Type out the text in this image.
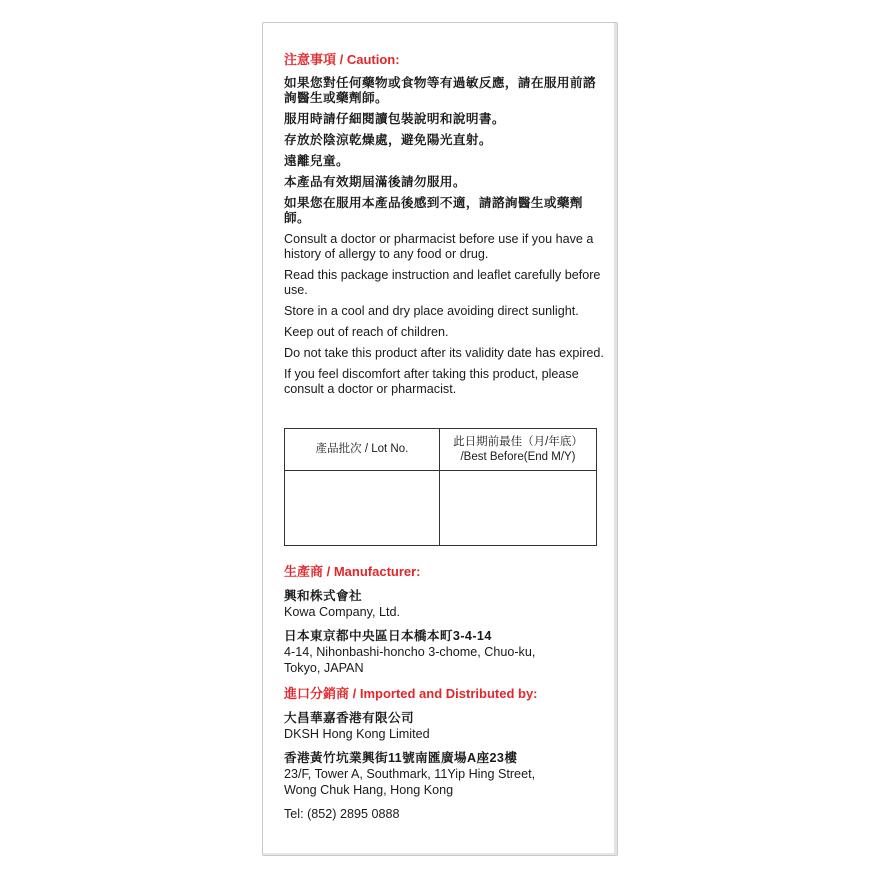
注意事項 / Caution:

如果您對任何藥物或食物等有過敏反應，請在服用前諮詢醫生或藥劑師。

服用時請仔細閱讀包裝說明和說明書。

存放於陰涼乾燥處，避免陽光直射。

遠離兒童。

本產品有效期屆滿後請勿服用。

如果您在服用本產品後感到不適，請諮詢醫生或藥劑師。

Consult a doctor or pharmacist before use if you have a history of allergy to any food or drug.

Read this package instruction and leaflet carefully before use.

Store in a cool and dry place avoiding direct sunlight.

Keep out of reach of children.

Do not take this product after its validity date has expired.

If you feel discomfort after taking this product, please consult a doctor or pharmacist.

產品批次 / Lot No.
此日期前最佳（月/年底）
/Best Before(End M/Y)

生產商 / Manufacturer:

興和株式會社

Kowa Company, Ltd.

日本東京都中央區日本橋本町3-4-14

4-14, Nihonbashi-honcho 3-chome, Chuo-ku,

Tokyo, JAPAN

進口分銷商 / Imported and Distributed by:

大昌華嘉香港有限公司

DKSH Hong Kong Limited

香港黃竹坑業興街11號南匯廣場A座23樓

23/F, Tower A, Southmark, 11Yip Hing Street,

Wong Chuk Hang, Hong Kong

Tel: (852) 2895 0888
